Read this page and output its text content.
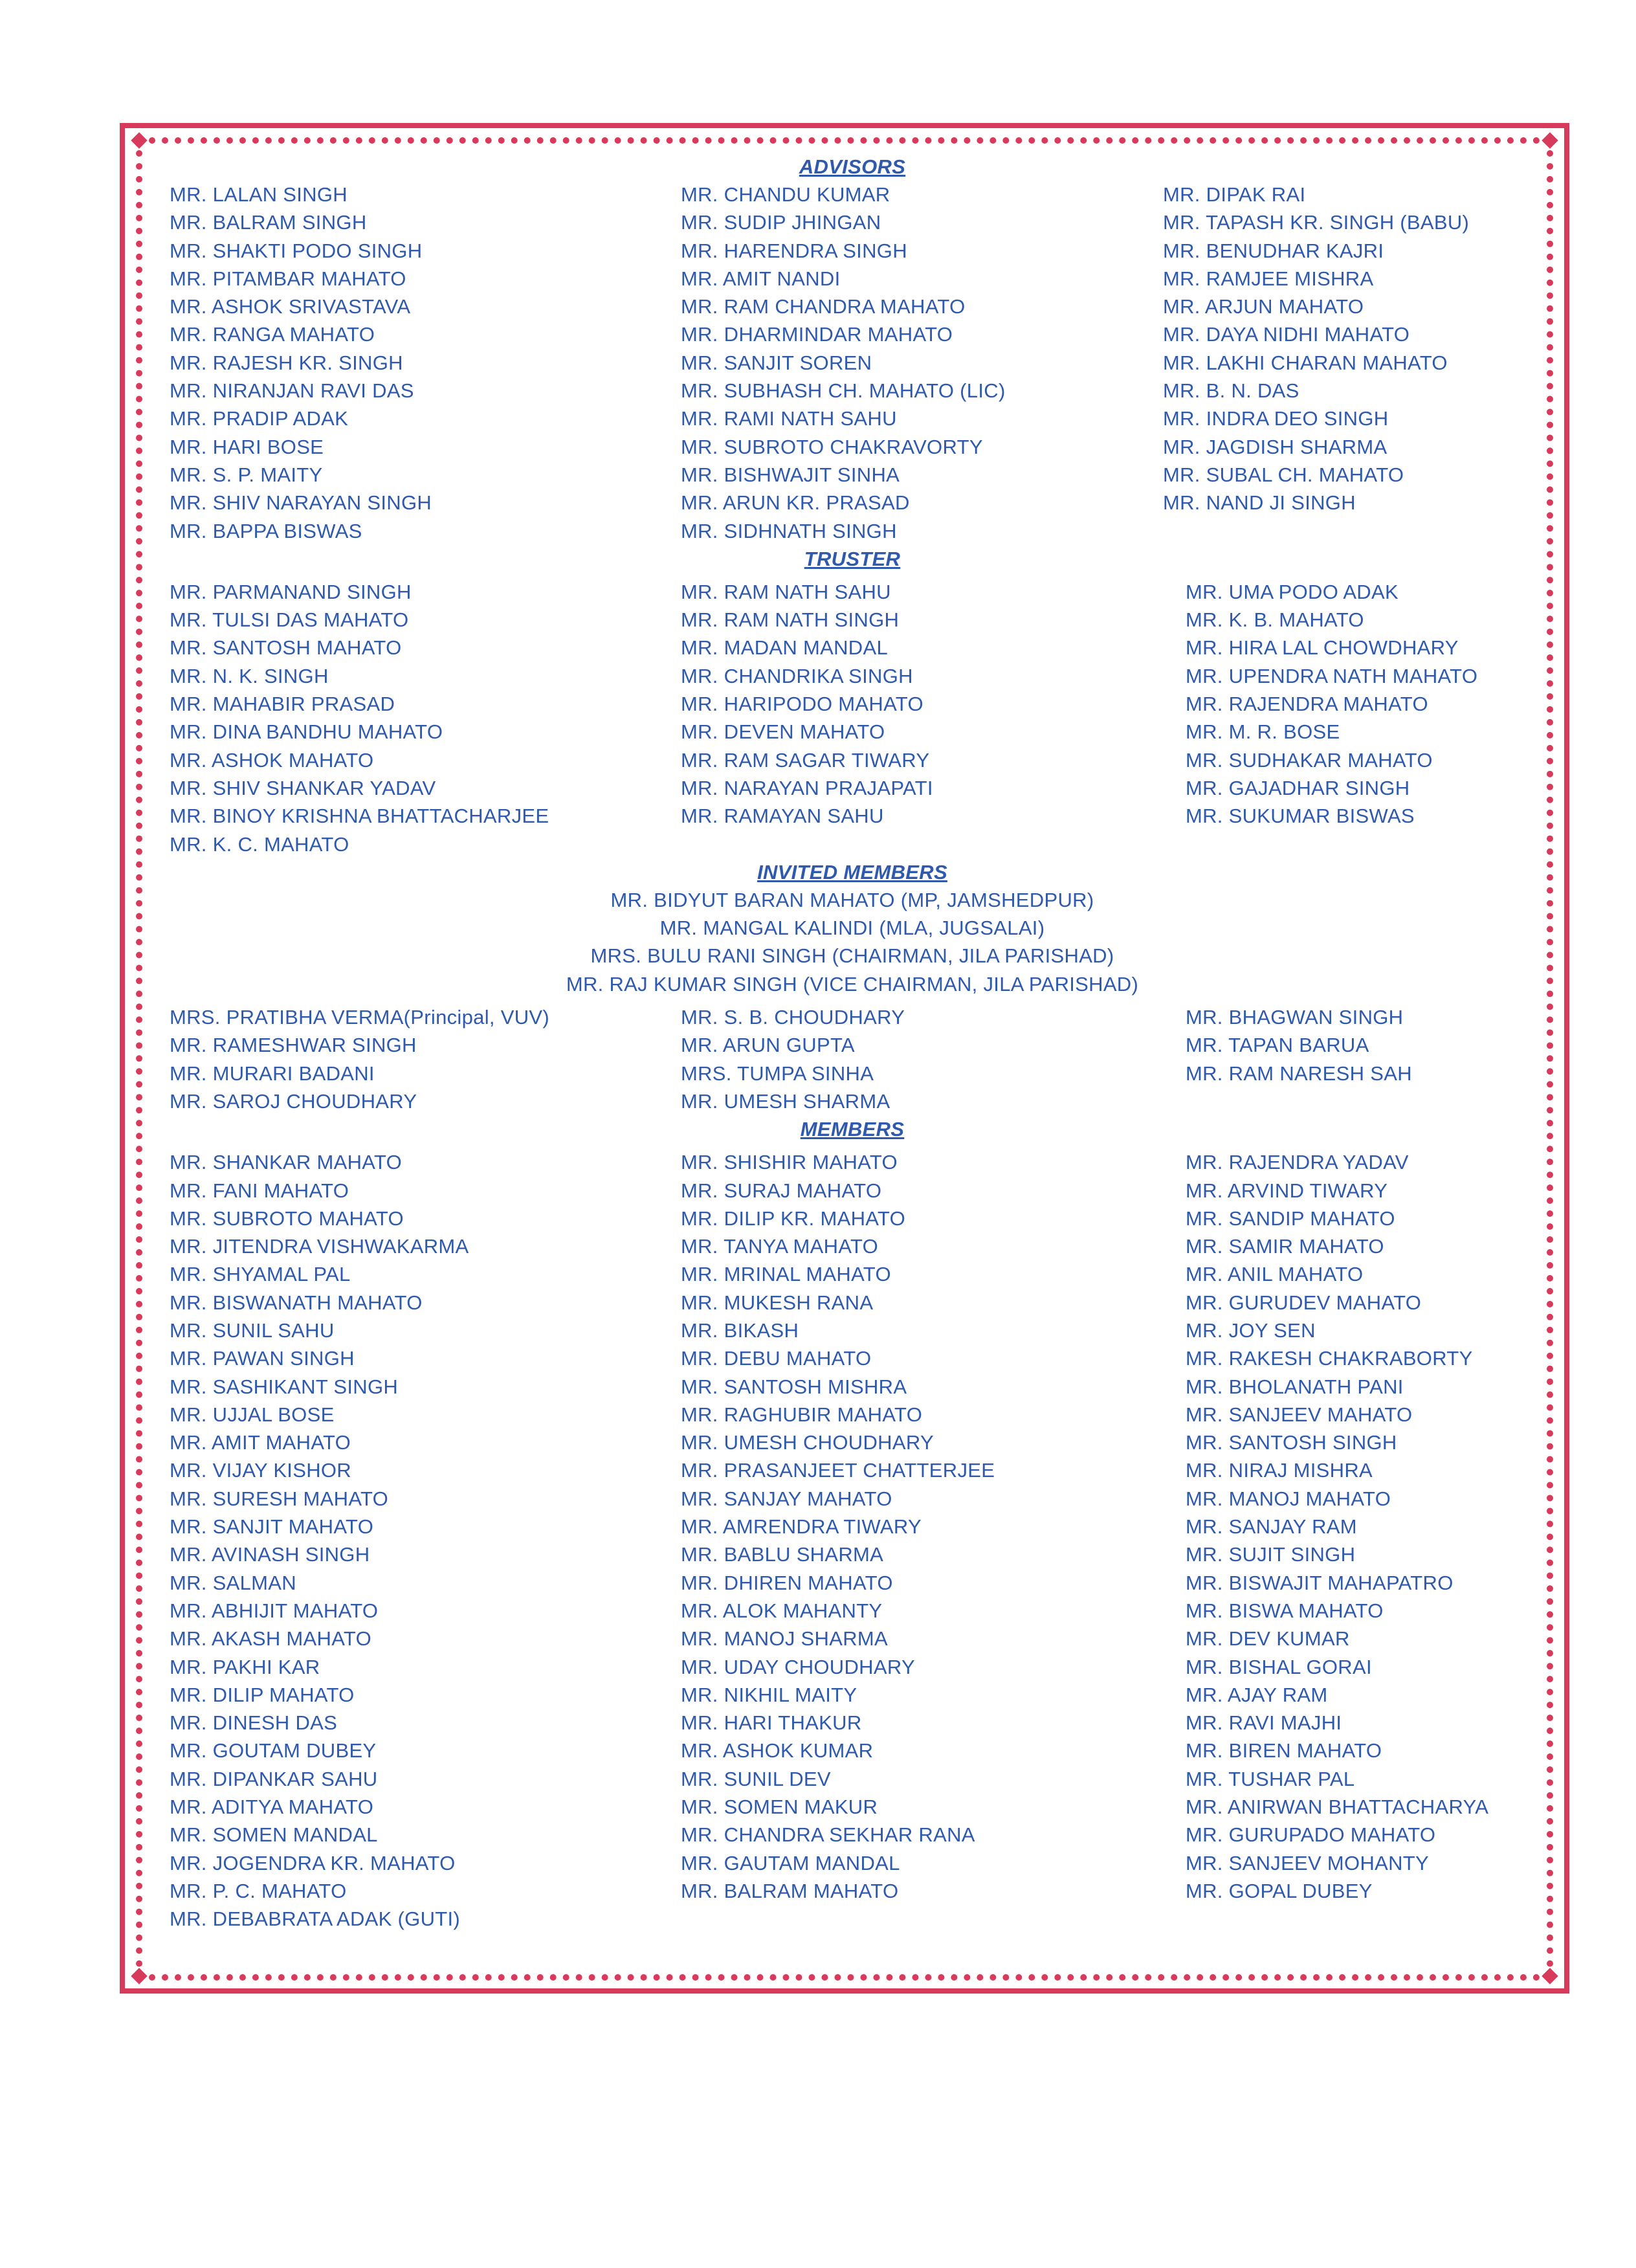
ADVISORS
MR. LALAN SINGH
MR. BALRAM SINGH
MR. SHAKTI PODO SINGH
MR. PITAMBAR MAHATO
MR. ASHOK SRIVASTAVA
MR. RANGA MAHATO
MR. RAJESH KR. SINGH
MR. NIRANJAN RAVI DAS
MR. PRADIP ADAK
MR. HARI BOSE
MR. S. P. MAITY
MR. SHIV NARAYAN SINGH
MR. BAPPA BISWAS
MR. CHANDU KUMAR
MR. SUDIP JHINGAN
MR. HARENDRA SINGH
MR. AMIT NANDI
MR. RAM CHANDRA MAHATO
MR. DHARMINDAR MAHATO
MR. SANJIT SOREN
MR. SUBHASH CH. MAHATO (LIC)
MR. RAMI NATH SAHU
MR. SUBROTO CHAKRAVORTY
MR. BISHWAJIT SINHA
MR. ARUN KR. PRASAD
MR. SIDHNATH SINGH
MR. DIPAK RAI
MR. TAPASH KR. SINGH (BABU)
MR. BENUDHAR KAJRI
MR. RAMJEE MISHRA
MR. ARJUN MAHATO
MR. DAYA NIDHI MAHATO
MR. LAKHI CHARAN MAHATO
MR. B. N. DAS
MR. INDRA DEO SINGH
MR. JAGDISH SHARMA
MR. SUBAL CH. MAHATO
MR. NAND JI SINGH
TRUSTER
MR. PARMANAND SINGH
MR. TULSI DAS MAHATO
MR. SANTOSH MAHATO
MR. N. K. SINGH
MR. MAHABIR PRASAD
MR. DINA BANDHU MAHATO
MR. ASHOK MAHATO
MR. SHIV SHANKAR YADAV
MR. BINOY KRISHNA BHATTACHARJEE
MR. K. C. MAHATO
MR. RAM NATH SAHU
MR. RAM NATH SINGH
MR. MADAN MANDAL
MR. CHANDRIKA SINGH
MR. HARIPODO MAHATO
MR. DEVEN MAHATO
MR. RAM SAGAR TIWARY
MR. NARAYAN PRAJAPATI
MR. RAMAYAN SAHU
MR. UMA PODO ADAK
MR. K. B. MAHATO
MR. HIRA LAL CHOWDHARY
MR. UPENDRA NATH MAHATO
MR. RAJENDRA MAHATO
MR. M. R. BOSE
MR. SUDHAKAR MAHATO
MR. GAJADHAR SINGH
MR. SUKUMAR BISWAS
INVITED MEMBERS
MR. BIDYUT BARAN MAHATO (MP, JAMSHEDPUR)
MR. MANGAL KALINDI (MLA, JUGSALAI)
MRS. BULU RANI SINGH (CHAIRMAN, JILA PARISHAD)
MR. RAJ KUMAR SINGH (VICE CHAIRMAN, JILA PARISHAD)
MRS. PRATIBHA VERMA(Principal, VUV)
MR. RAMESHWAR SINGH
MR. MURARI BADANI
MR. SAROJ CHOUDHARY
MR. S. B. CHOUDHARY
MR. ARUN GUPTA
MRS. TUMPA SINHA
MR. UMESH SHARMA
MR. BHAGWAN SINGH
MR. TAPAN BARUA
MR. RAM NARESH SAH
MEMBERS
MR. SHANKAR MAHATO
MR. FANI MAHATO
MR. SUBROTO MAHATO
MR. JITENDRA VISHWAKARMA
MR. SHYAMAL PAL
MR. BISWANATH MAHATO
MR. SUNIL SAHU
MR. PAWAN SINGH
MR. SASHIKANT SINGH
MR. UJJAL BOSE
MR. AMIT MAHATO
MR. VIJAY KISHOR
MR. SURESH MAHATO
MR. SANJIT MAHATO
MR. AVINASH SINGH
MR. SALMAN
MR. ABHIJIT MAHATO
MR. AKASH MAHATO
MR. PAKHI KAR
MR. DILIP MAHATO
MR. DINESH DAS
MR. GOUTAM DUBEY
MR. DIPANKAR SAHU
MR. ADITYA MAHATO
MR. SOMEN MANDAL
MR. JOGENDRA KR. MAHATO
MR. P. C. MAHATO
MR. DEBABRATA ADAK (GUTI)
MR. SHISHIR MAHATO
MR. SURAJ MAHATO
MR. DILIP KR. MAHATO
MR. TANYA MAHATO
MR. MRINAL MAHATO
MR. MUKESH RANA
MR. BIKASH
MR. DEBU MAHATO
MR. SANTOSH MISHRA
MR. RAGHUBIR MAHATO
MR. UMESH CHOUDHARY
MR. PRASANJEET CHATTERJEE
MR. SANJAY MAHATO
MR. AMRENDRA TIWARY
MR. BABLU SHARMA
MR. DHIREN MAHATO
MR. ALOK MAHANTY
MR. MANOJ SHARMA
MR. UDAY CHOUDHARY
MR. NIKHIL MAITY
MR. HARI THAKUR
MR. ASHOK KUMAR
MR. SUNIL DEV
MR. SOMEN MAKUR
MR. CHANDRA SEKHAR RANA
MR. GAUTAM MANDAL
MR. BALRAM MAHATO
MR. RAJENDRA YADAV
MR. ARVIND TIWARY
MR. SANDIP MAHATO
MR. SAMIR MAHATO
MR. ANIL MAHATO
MR. GURUDEV MAHATO
MR. JOY SEN
MR. RAKESH CHAKRABORTY
MR. BHOLANATH PANI
MR. SANJEEV MAHATO
MR. SANTOSH SINGH
MR. NIRAJ MISHRA
MR. MANOJ MAHATO
MR. SANJAY RAM
MR. SUJIT SINGH
MR. BISWAJIT MAHAPATRO
MR. BISWA MAHATO
MR. DEV KUMAR
MR. BISHAL GORAI
MR. AJAY RAM
MR. RAVI MAJHI
MR. BIREN MAHATO
MR. TUSHAR PAL
MR. ANIRWAN BHATTACHARYA
MR. GURUPADO MAHATO
MR. SANJEEV MOHANTY
MR. GOPAL DUBEY
